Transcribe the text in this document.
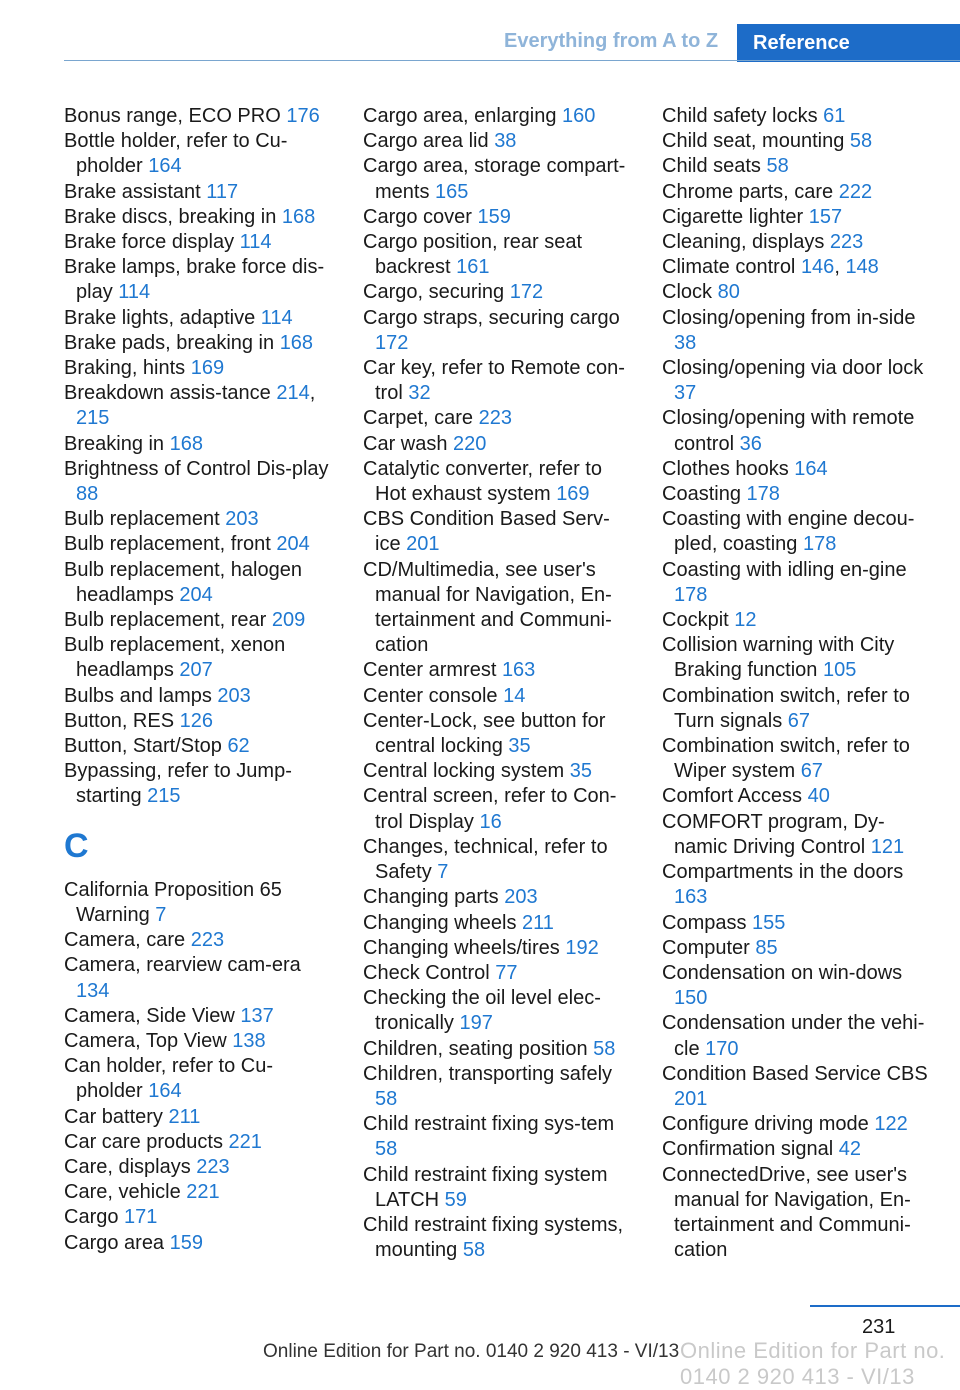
Everything from A to Z	Reference
Bonus range, ECO PRO 176
Bottle holder, refer to Cu-pholder 164
Brake assistant 117
Brake discs, breaking in 168
Brake force display 114
Brake lamps, brake force dis-play 114
Brake lights, adaptive 114
Brake pads, breaking in 168
Braking, hints 169
Breakdown assis-tance 214, 215
Breaking in 168
Brightness of Control Dis-play 88
Bulb replacement 203
Bulb replacement, front 204
Bulb replacement, halogen headlamps 204
Bulb replacement, rear 209
Bulb replacement, xenon headlamps 207
Bulbs and lamps 203
Button, RES 126
Button, Start/Stop 62
Bypassing, refer to Jump-starting 215
C
California Proposition 65 Warning 7
Camera, care 223
Camera, rearview cam-era 134
Camera, Side View 137
Camera, Top View 138
Can holder, refer to Cu-pholder 164
Car battery 211
Car care products 221
Care, displays 223
Care, vehicle 221
Cargo 171
Cargo area 159
Cargo area, enlarging 160
Cargo area lid 38
Cargo area, storage compart-ments 165
Cargo cover 159
Cargo position, rear seat backrest 161
Cargo, securing 172
Cargo straps, securing cargo 172
Car key, refer to Remote con-trol 32
Carpet, care 223
Car wash 220
Catalytic converter, refer to Hot exhaust system 169
CBS Condition Based Serv-ice 201
CD/Multimedia, see user's manual for Navigation, En-tertainment and Communi-cation
Center armrest 163
Center console 14
Center-Lock, see button for central locking 35
Central locking system 35
Central screen, refer to Con-trol Display 16
Changes, technical, refer to Safety 7
Changing parts 203
Changing wheels 211
Changing wheels/tires 192
Check Control 77
Checking the oil level elec-tronically 197
Children, seating position 58
Children, transporting safely 58
Child restraint fixing sys-tem 58
Child restraint fixing system LATCH 59
Child restraint fixing systems, mounting 58
Child safety locks 61
Child seat, mounting 58
Child seats 58
Chrome parts, care 222
Cigarette lighter 157
Cleaning, displays 223
Climate control 146, 148
Clock 80
Closing/opening from in-side 38
Closing/opening via door lock 37
Closing/opening with remote control 36
Clothes hooks 164
Coasting 178
Coasting with engine decou-pled, coasting 178
Coasting with idling en-gine 178
Cockpit 12
Collision warning with City Braking function 105
Combination switch, refer to Turn signals 67
Combination switch, refer to Wiper system 67
Comfort Access 40
COMFORT program, Dy-namic Driving Control 121
Compartments in the doors 163
Compass 155
Computer 85
Condensation on win-dows 150
Condensation under the vehi-cle 170
Condition Based Service CBS 201
Configure driving mode 122
Confirmation signal 42
ConnectedDrive, see user's manual for Navigation, En-tertainment and Communi-cation
231
Online Edition for Part no. 0140 2 920 413 - VI/13 Online Edition for Part no. 0140 2 920 413 - VI/13
